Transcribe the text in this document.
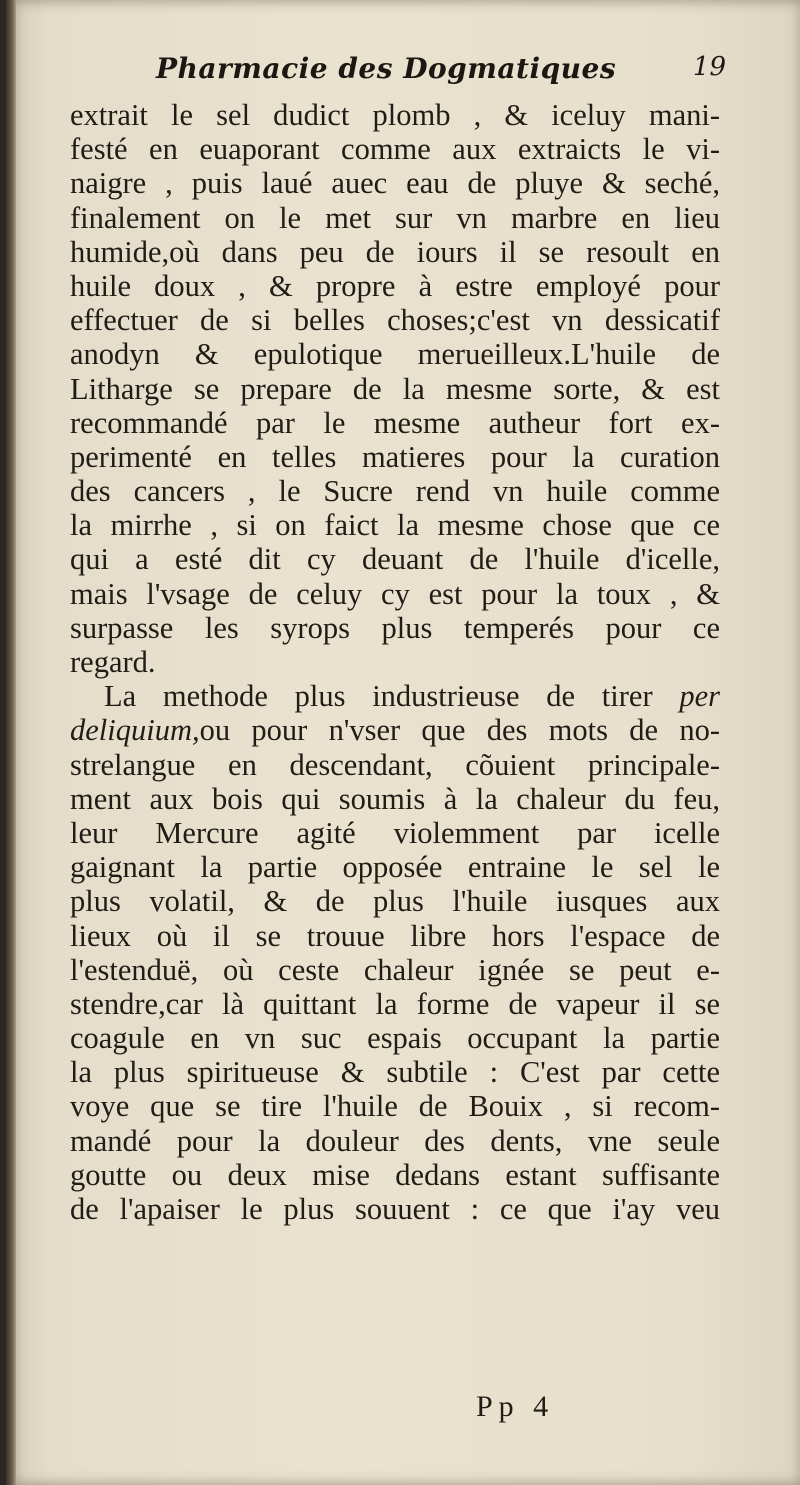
Pharmacie des Dogmatiques	19
extrait le sel dudict plomb , & iceluy mani-
festé en euaporant comme aux extraicts le vi-
naigre , puis laué auec eau de pluye & seché,
finalement on le met sur vn marbre en lieu
humide,où dans peu de iours il se resoult en
huile doux , & propre à estre employé pour
effectuer de si belles choses;c'est vn dessicatif
anodyn & epulotique merueilleux.L'huile de
Litharge se prepare de la mesme sorte, & est
recommandé par le mesme autheur fort ex-
perimenté en telles matieres pour la curation
des cancers , le Sucre rend vn huile comme
la mirrhe , si on faict la mesme chose que ce
qui a esté dit cy deuant de l'huile d'icelle,
mais l'vsage de celuy cy est pour la toux , &
surpasse les syrops plus temperés pour ce
regard.
La methode plus industrieuse de tirer per
deliquium,ou pour n'vser que des mots de no-
strelangue en descendant, cõuient principale-
ment aux bois qui soumis à la chaleur du feu,
leur Mercure agité violemment par icelle
gaignant la partie opposée entraine le sel le
plus volatil, & de plus l'huile iusques aux
lieux où il se trouue libre hors l'espace de
l'estenduë, où ceste chaleur ignée se peut e-
stendre,car là quittant la forme de vapeur il se
coagule en vn suc espais occupant la partie
la plus spiritueuse & subtile : C'est par cette
voye que se tire l'huile de Bouix , si recom-
mandé pour la douleur des dents, vne seule
goutte ou deux mise dedans estant suffisante
de l'apaiser le plus souuent : ce que i'ay veu
Pp 4
